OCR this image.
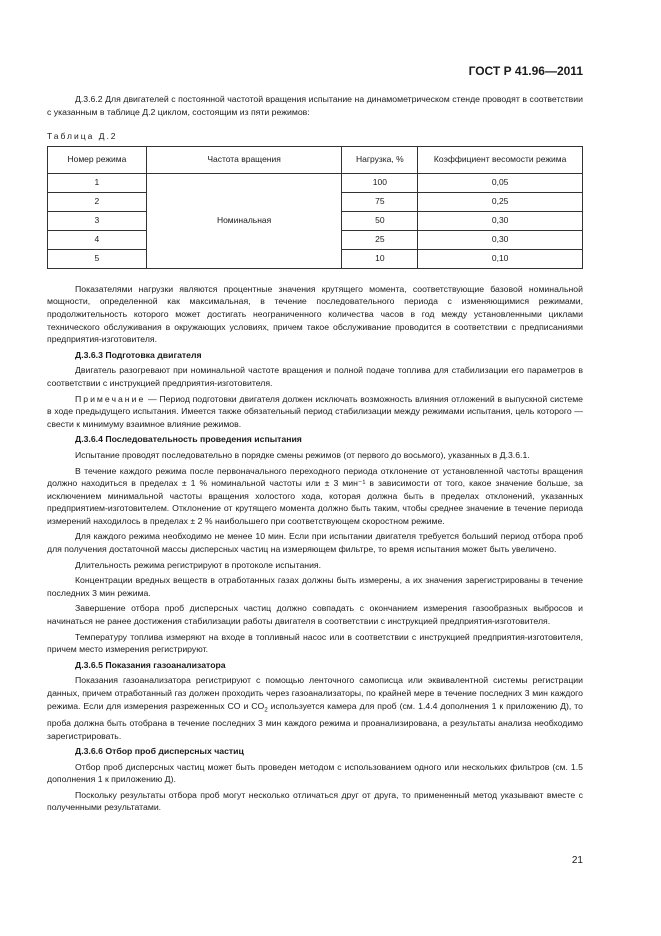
ГОСТ Р 41.96—2011

Д.3.6.2 Для двигателей с постоянной частотой вращения испытание на динамометрическом стенде проводят в соответствии с указанным в таблице Д.2 циклом, состоящим из пяти режимов:

Таблица Д.2
Номер режима	Частота вращения	Нагрузка, %	Коэффициент весомости режима
1	Номинальная	100	0,05
2		75	0,25
3		50	0,30
4		25	0,30
5		10	0,10

Показателями нагрузки являются процентные значения крутящего момента, соответствующие базовой номинальной мощности, определенной как максимальная, в течение последовательного периода с изменяющимися режимами, продолжительность которого может достигать неограниченного количества часов в год между установленными циклами технического обслуживания в окружающих условиях, причем такое обслуживание проводится в соответствии с предписаниями предприятия-изготовителя.

Д.3.6.3 Подготовка двигателя

Двигатель разогревают при номинальной частоте вращения и полной подаче топлива для стабилизации его параметров в соответствии с инструкцией предприятия-изготовителя.

Примечание — Период подготовки двигателя должен исключать возможность влияния отложений в выпускной системе в ходе предыдущего испытания. Имеется также обязательный период стабилизации между режимами испытания, цель которого — свести к минимуму взаимное влияние режимов.

Д.3.6.4 Последовательность проведения испытания

Испытание проводят последовательно в порядке смены режимов (от первого до восьмого), указанных в Д.3.6.1.

В течение каждого режима после первоначального переходного периода отклонение от установленной частоты вращения должно находиться в пределах ± 1 % номинальной частоты или ± 3 мин⁻¹ в зависимости от того, какое значение больше, за исключением минимальной частоты вращения холостого хода, которая должна быть в пределах отклонений, указанных предприятием-изготовителем. Отклонение от крутящего момента должно быть таким, чтобы среднее значение в течение периода измерений находилось в пределах ± 2 % наибольшего при соответствующем скоростном режиме.

Для каждого режима необходимо не менее 10 мин. Если при испытании двигателя требуется больший период отбора проб для получения достаточной массы дисперсных частиц на измеряющем фильтре, то время испытания может быть увеличено.

Длительность режима регистрируют в протоколе испытания.

Концентрации вредных веществ в отработанных газах должны быть измерены, а их значения зарегистрированы в течение последних 3 мин режима.

Завершение отбора проб дисперсных частиц должно совпадать с окончанием измерения газообразных выбросов и начинаться не ранее достижения стабилизации работы двигателя в соответствии с инструкцией предприятия-изготовителя.

Температуру топлива измеряют на входе в топливный насос или в соответствии с инструкцией предприятия-изготовителя, причем место измерения регистрируют.

Д.3.6.5 Показания газоанализатора

Показания газоанализатора регистрируют с помощью ленточного самописца или эквивалентной системы регистрации данных, причем отработанный газ должен проходить через газоанализаторы, по крайней мере в течение последних 3 мин каждого режима. Если для измерения разреженных CO и $CO_2$ используется камера для проб (см. 1.4.4 дополнения 1 к приложению Д), то проба должна быть отобрана в течение последних 3 мин каждого режима и проанализирована, а результаты анализа необходимо зарегистрировать.

Д.3.6.6 Отбор проб дисперсных частиц

Отбор проб дисперсных частиц может быть проведен методом с использованием одного или нескольких фильтров (см. 1.5 дополнения 1 к приложению Д).

Поскольку результаты отбора проб могут несколько отличаться друг от друга, то примененный метод указывают вместе с полученными результатами.

21
